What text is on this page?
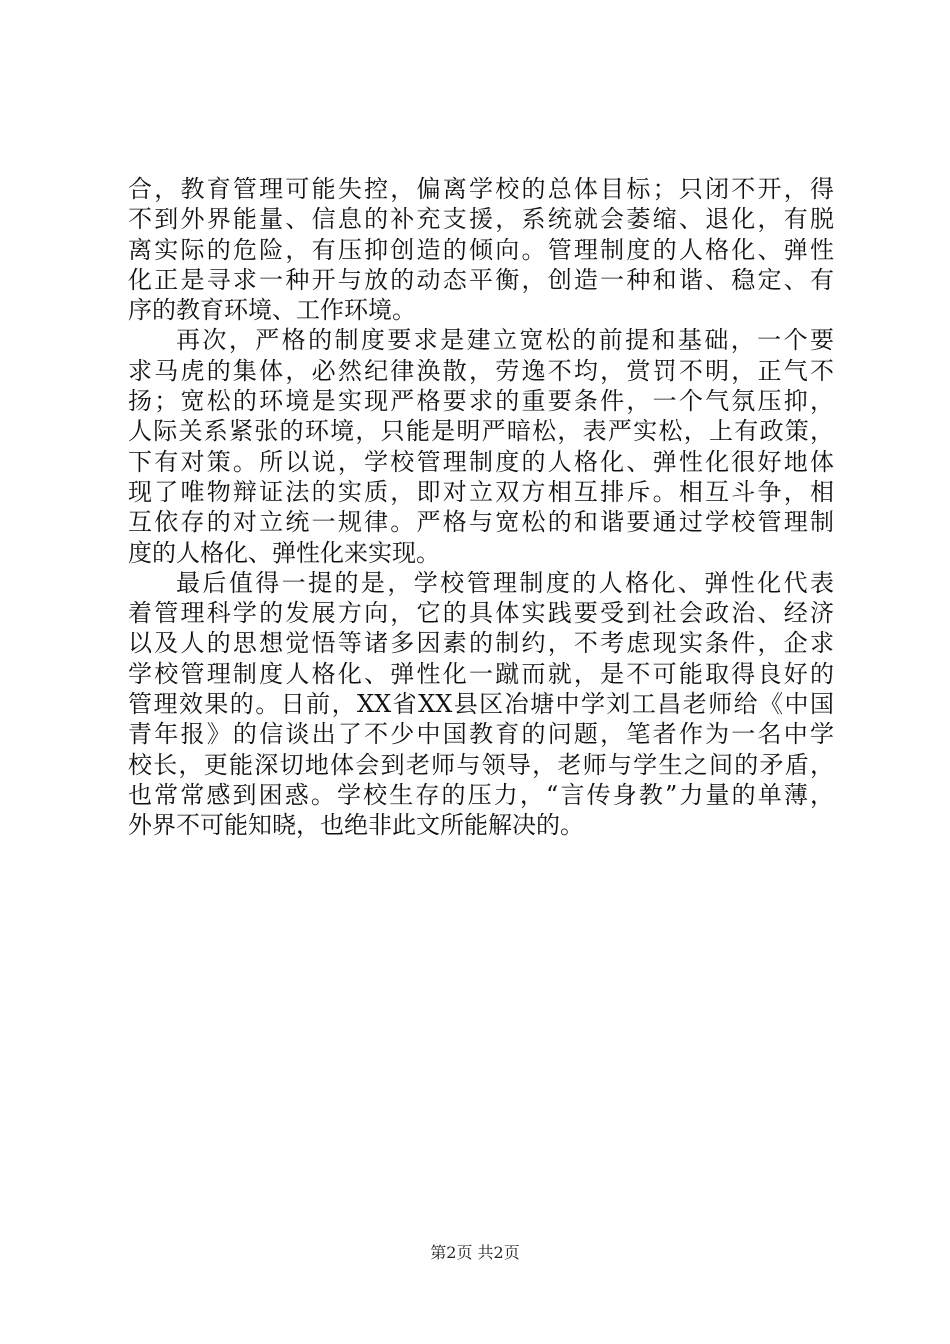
合，教育管理可能失控，偏离学校的总体目标；只闭不开，得
不到外界能量、信息的补充支援，系统就会萎缩、退化，有脱
离实际的危险，有压抑创造的倾向。管理制度的人格化、弹性
化正是寻求一种开与放的动态平衡，创造一种和谐、稳定、有
序的教育环境、工作环境。
再次，严格的制度要求是建立宽松的前提和基础，一个要
求马虎的集体，必然纪律涣散，劳逸不均，赏罚不明，正气不
扬；宽松的环境是实现严格要求的重要条件，一个气氛压抑，
人际关系紧张的环境，只能是明严暗松，表严实松，上有政策，
下有对策。所以说，学校管理制度的人格化、弹性化很好地体
现了唯物辩证法的实质，即对立双方相互排斥。相互斗争，相
互依存的对立统一规律。严格与宽松的和谐要通过学校管理制
度的人格化、弹性化来实现。
最后值得一提的是，学校管理制度的人格化、弹性化代表
着管理科学的发展方向，它的具体实践要受到社会政治、经济
以及人的思想觉悟等诸多因素的制约，不考虑现实条件，企求
学校管理制度人格化、弹性化一蹴而就，是不可能取得良好的
管理效果的。日前，XX省XX县区冶塘中学刘工昌老师给《中国
青年报》的信谈出了不少中国教育的问题，笔者作为一名中学
校长，更能深切地体会到老师与领导，老师与学生之间的矛盾，
也常常感到困惑。学校生存的压力，“言传身教”力量的单薄，
外界不可能知晓，也绝非此文所能解决的。
第2页 共2页
